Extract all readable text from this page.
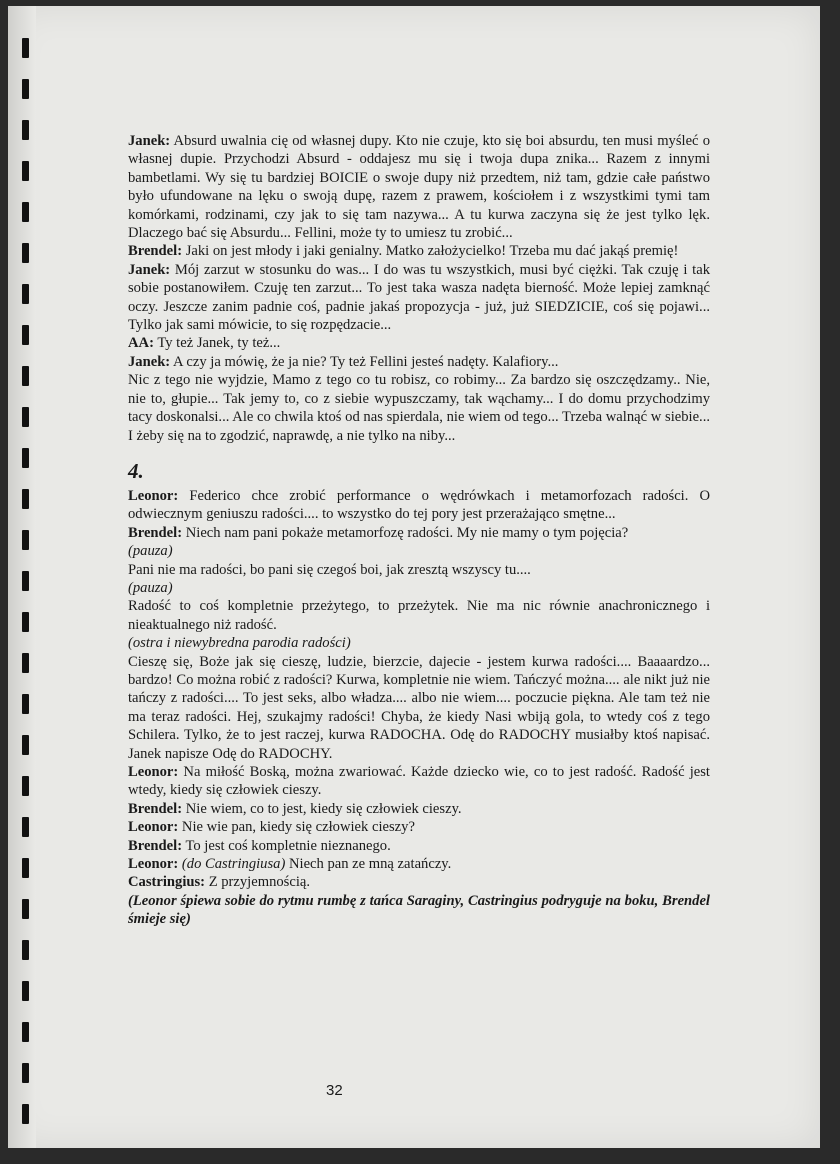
Janek: Absurd uwalnia cię od własnej dupy. Kto nie czuje, kto się boi absurdu, ten musi myśleć o własnej dupie. Przychodzi Absurd - oddajesz mu się i twoja dupa znika... Razem z innymi bambetlami. Wy się tu bardziej BOICIE o swoje dupy niż przedtem, niż tam, gdzie całe państwo było ufundowane na lęku o swoją dupę, razem z prawem, kościołem i z wszystkimi tymi tam komórkami, rodzinami, czy jak to się tam nazywa... A tu kurwa zaczyna się że jest tylko lęk. Dlaczego bać się Absurdu... Fellini, może ty to umiesz tu zrobić...

Brendel: Jaki on jest młody i jaki genialny. Matko założycielko! Trzeba mu dać jakąś premię!

Janek: Mój zarzut w stosunku do was... I do was tu wszystkich, musi być ciężki. Tak czuję i tak sobie postanowiłem. Czuję ten zarzut... To jest taka wasza nadęta bierność. Może lepiej zamknąć oczy. Jeszcze zanim padnie coś, padnie jakaś propozycja - już, już SIEDZICIE, coś się pojawi... Tylko jak sami mówicie, to się rozpędzacie...

AA: Ty też Janek, ty też...

Janek: A czy ja mówię, że ja nie? Ty też Fellini jesteś nadęty. Kalafiory...

Nic z tego nie wyjdzie, Mamo z tego co tu robisz, co robimy... Za bardzo się oszczędzamy.. Nie, nie to, głupie... Tak jemy to, co z siebie wypuszczamy, tak wąchamy... I do domu przychodzimy tacy doskonalsi... Ale co chwila ktoś od nas spierdala, nie wiem od tego... Trzeba walnąć w siebie... I żeby się na to zgodzić, naprawdę, a nie tylko na niby...

4.

Leonor: Federico chce zrobić performance o wędrówkach i metamorfozach radości. O odwiecznym geniuszu radości.... to wszystko do tej pory jest przerażająco smętne...

Brendel: Niech nam pani pokaże metamorfozę radości. My nie mamy o tym pojęcia?

(pauza)

Pani nie ma radości, bo pani się czegoś boi, jak zresztą wszyscy tu....

(pauza)

Radość to coś kompletnie przeżytego, to przeżytek. Nie ma nic równie anachronicznego i nieaktualnego niż radość.

(ostra i niewybredna parodia radości)

Cieszę się, Boże jak się cieszę, ludzie, bierzcie, dajecie - jestem kurwa radości.... Baaaardzo... bardzo! Co można robić z radości? Kurwa, kompletnie nie wiem. Tańczyć można.... ale nikt już nie tańczy z radości.... To jest seks, albo władza.... albo nie wiem.... poczucie piękna. Ale tam też nie ma teraz radości. Hej, szukajmy radości! Chyba, że kiedy Nasi wbiją gola, to wtedy coś z tego Schilera. Tylko, że to jest raczej, kurwa RADOCHA. Odę do RADOCHY musiałby ktoś napisać. Janek napisze Odę do RADOCHY.

Leonor: Na miłość Boską, można zwariować. Każde dziecko wie, co to jest radość. Radość jest wtedy, kiedy się człowiek cieszy.

Brendel: Nie wiem, co to jest, kiedy się człowiek cieszy.

Leonor: Nie wie pan, kiedy się człowiek cieszy?

Brendel: To jest coś kompletnie nieznanego.

Leonor: (do Castringiusa) Niech pan ze mną zatańczy.

Castringius: Z przyjemnością.

(Leonor śpiewa sobie do rytmu rumbę z tańca Saraginy, Castringius podryguje na boku, Brendel śmieje się)

32
